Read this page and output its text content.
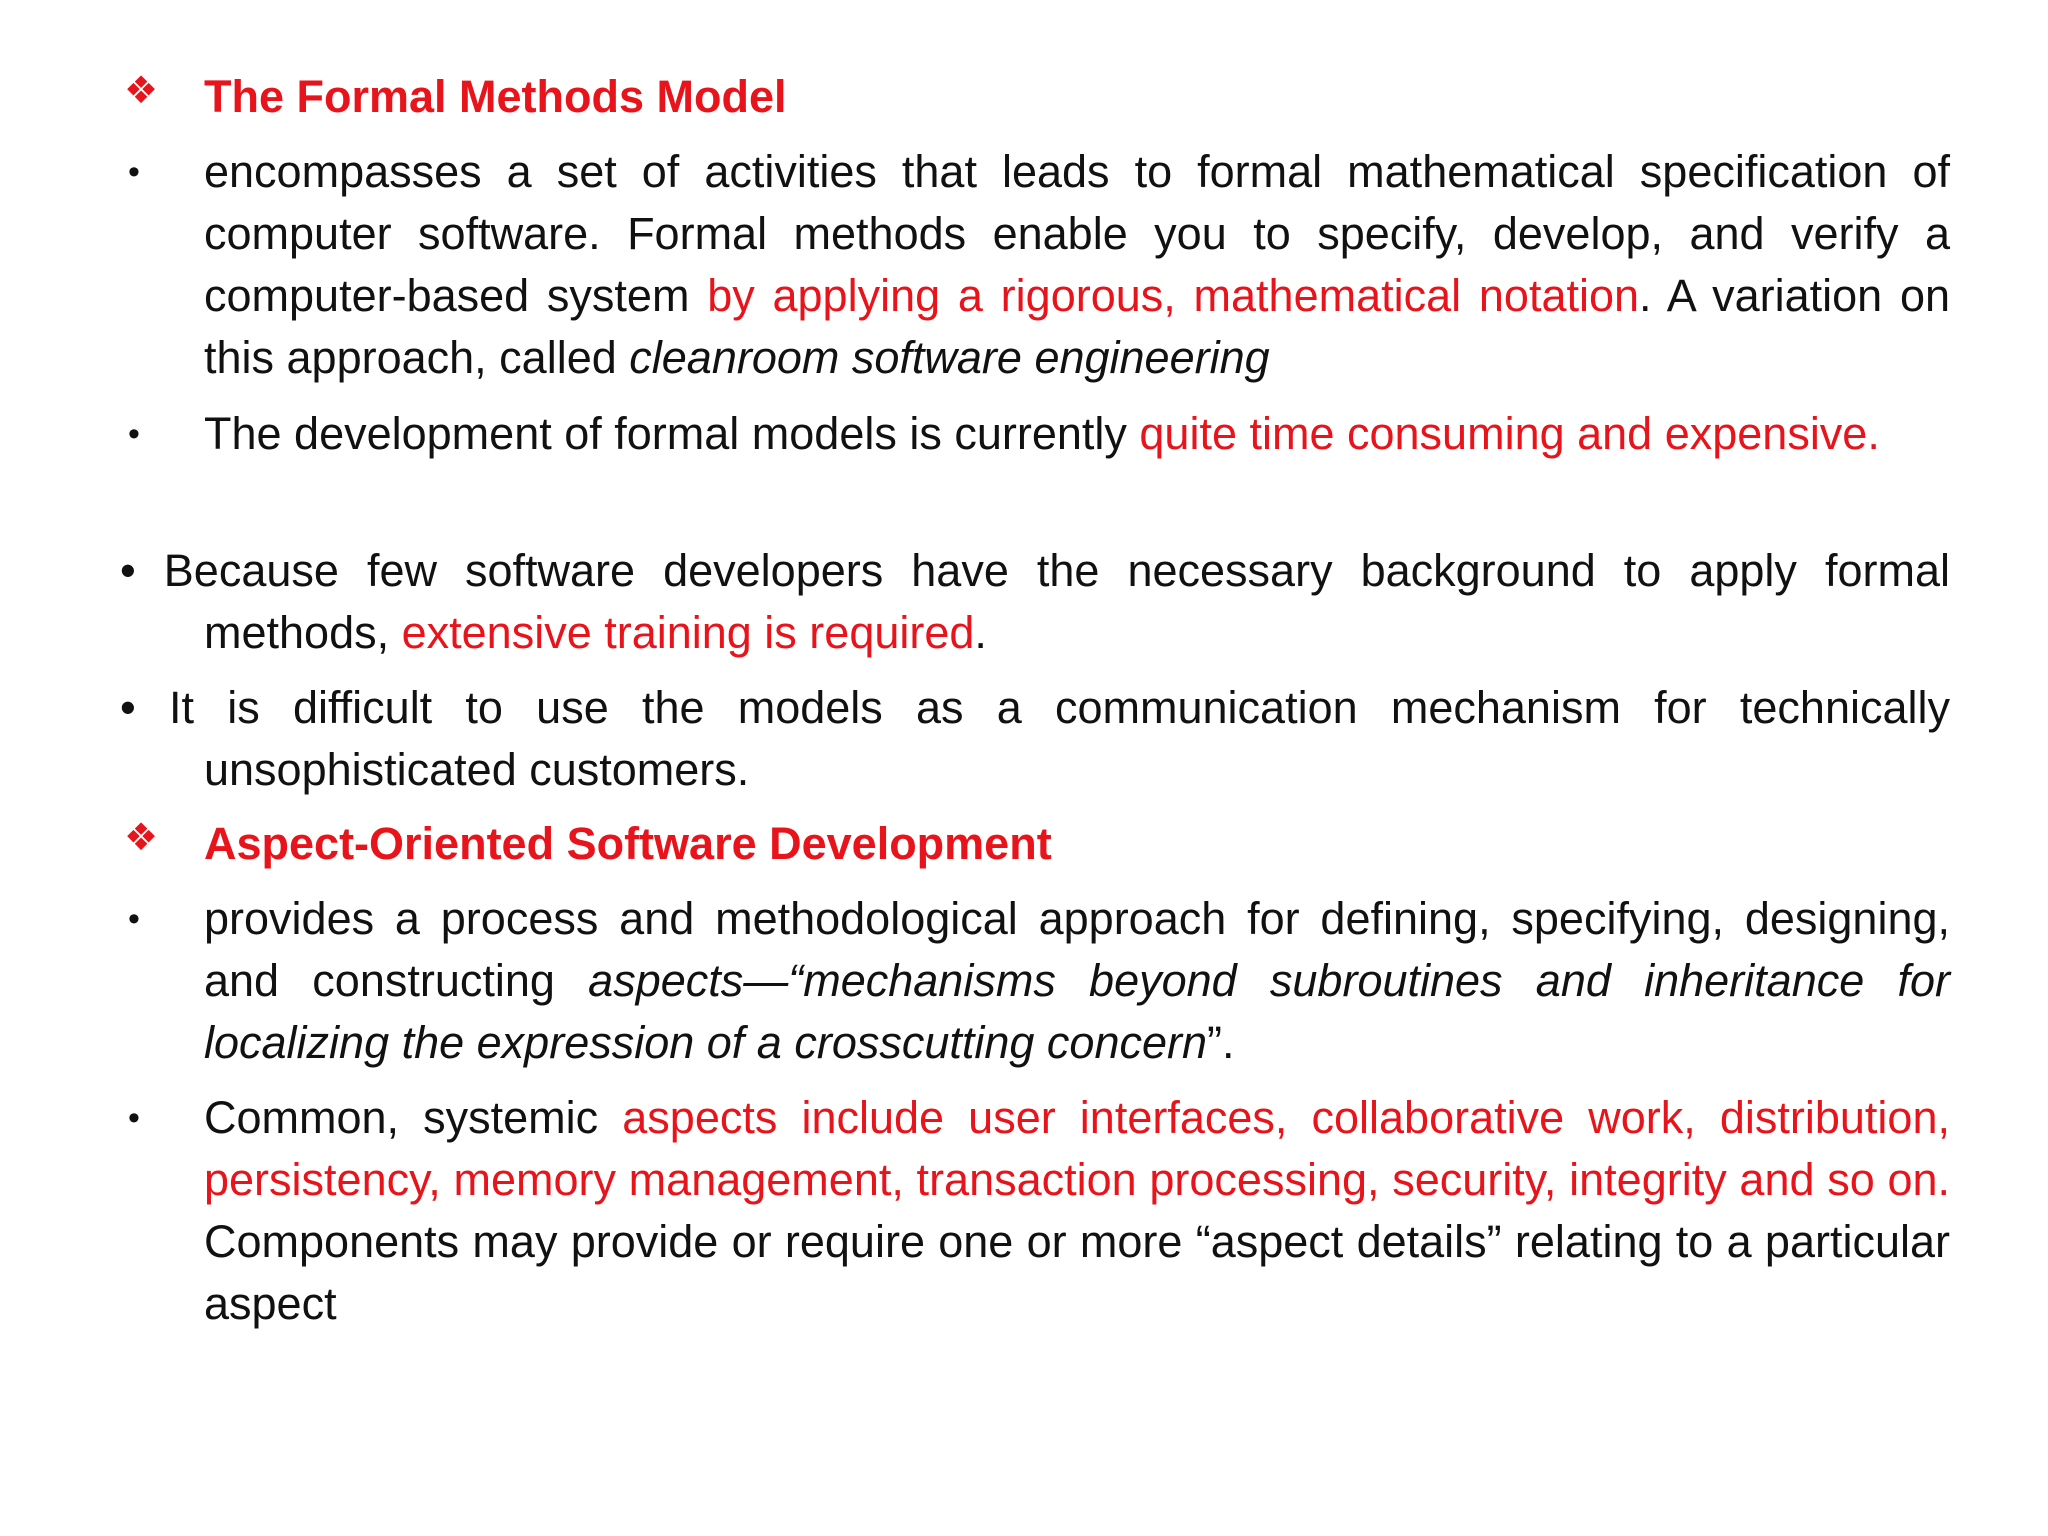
❖ The Formal Methods Model
•	encompasses a set of activities that leads to formal mathematical specification of computer software. Formal methods enable you to specify, develop, and verify a computer-based system by applying a rigorous, mathematical notation. A variation on this approach, called cleanroom software engineering
•	The development of formal models is currently quite time consuming and expensive.
• Because few software developers have the necessary background to apply formal methods, extensive training is required.
• It is difficult to use the models as a communication mechanism for technically unsophisticated customers.
❖ Aspect-Oriented Software Development
•	provides a process and methodological approach for defining, specifying, designing, and constructing aspects—“mechanisms beyond subroutines and inheritance for localizing the expression of a crosscutting concern”.
•	Common, systemic aspects include user interfaces, collaborative work, distribution, persistency, memory management, transaction processing, security, integrity and so on. Components may provide or require one or more “aspect details” relating to a particular aspect
